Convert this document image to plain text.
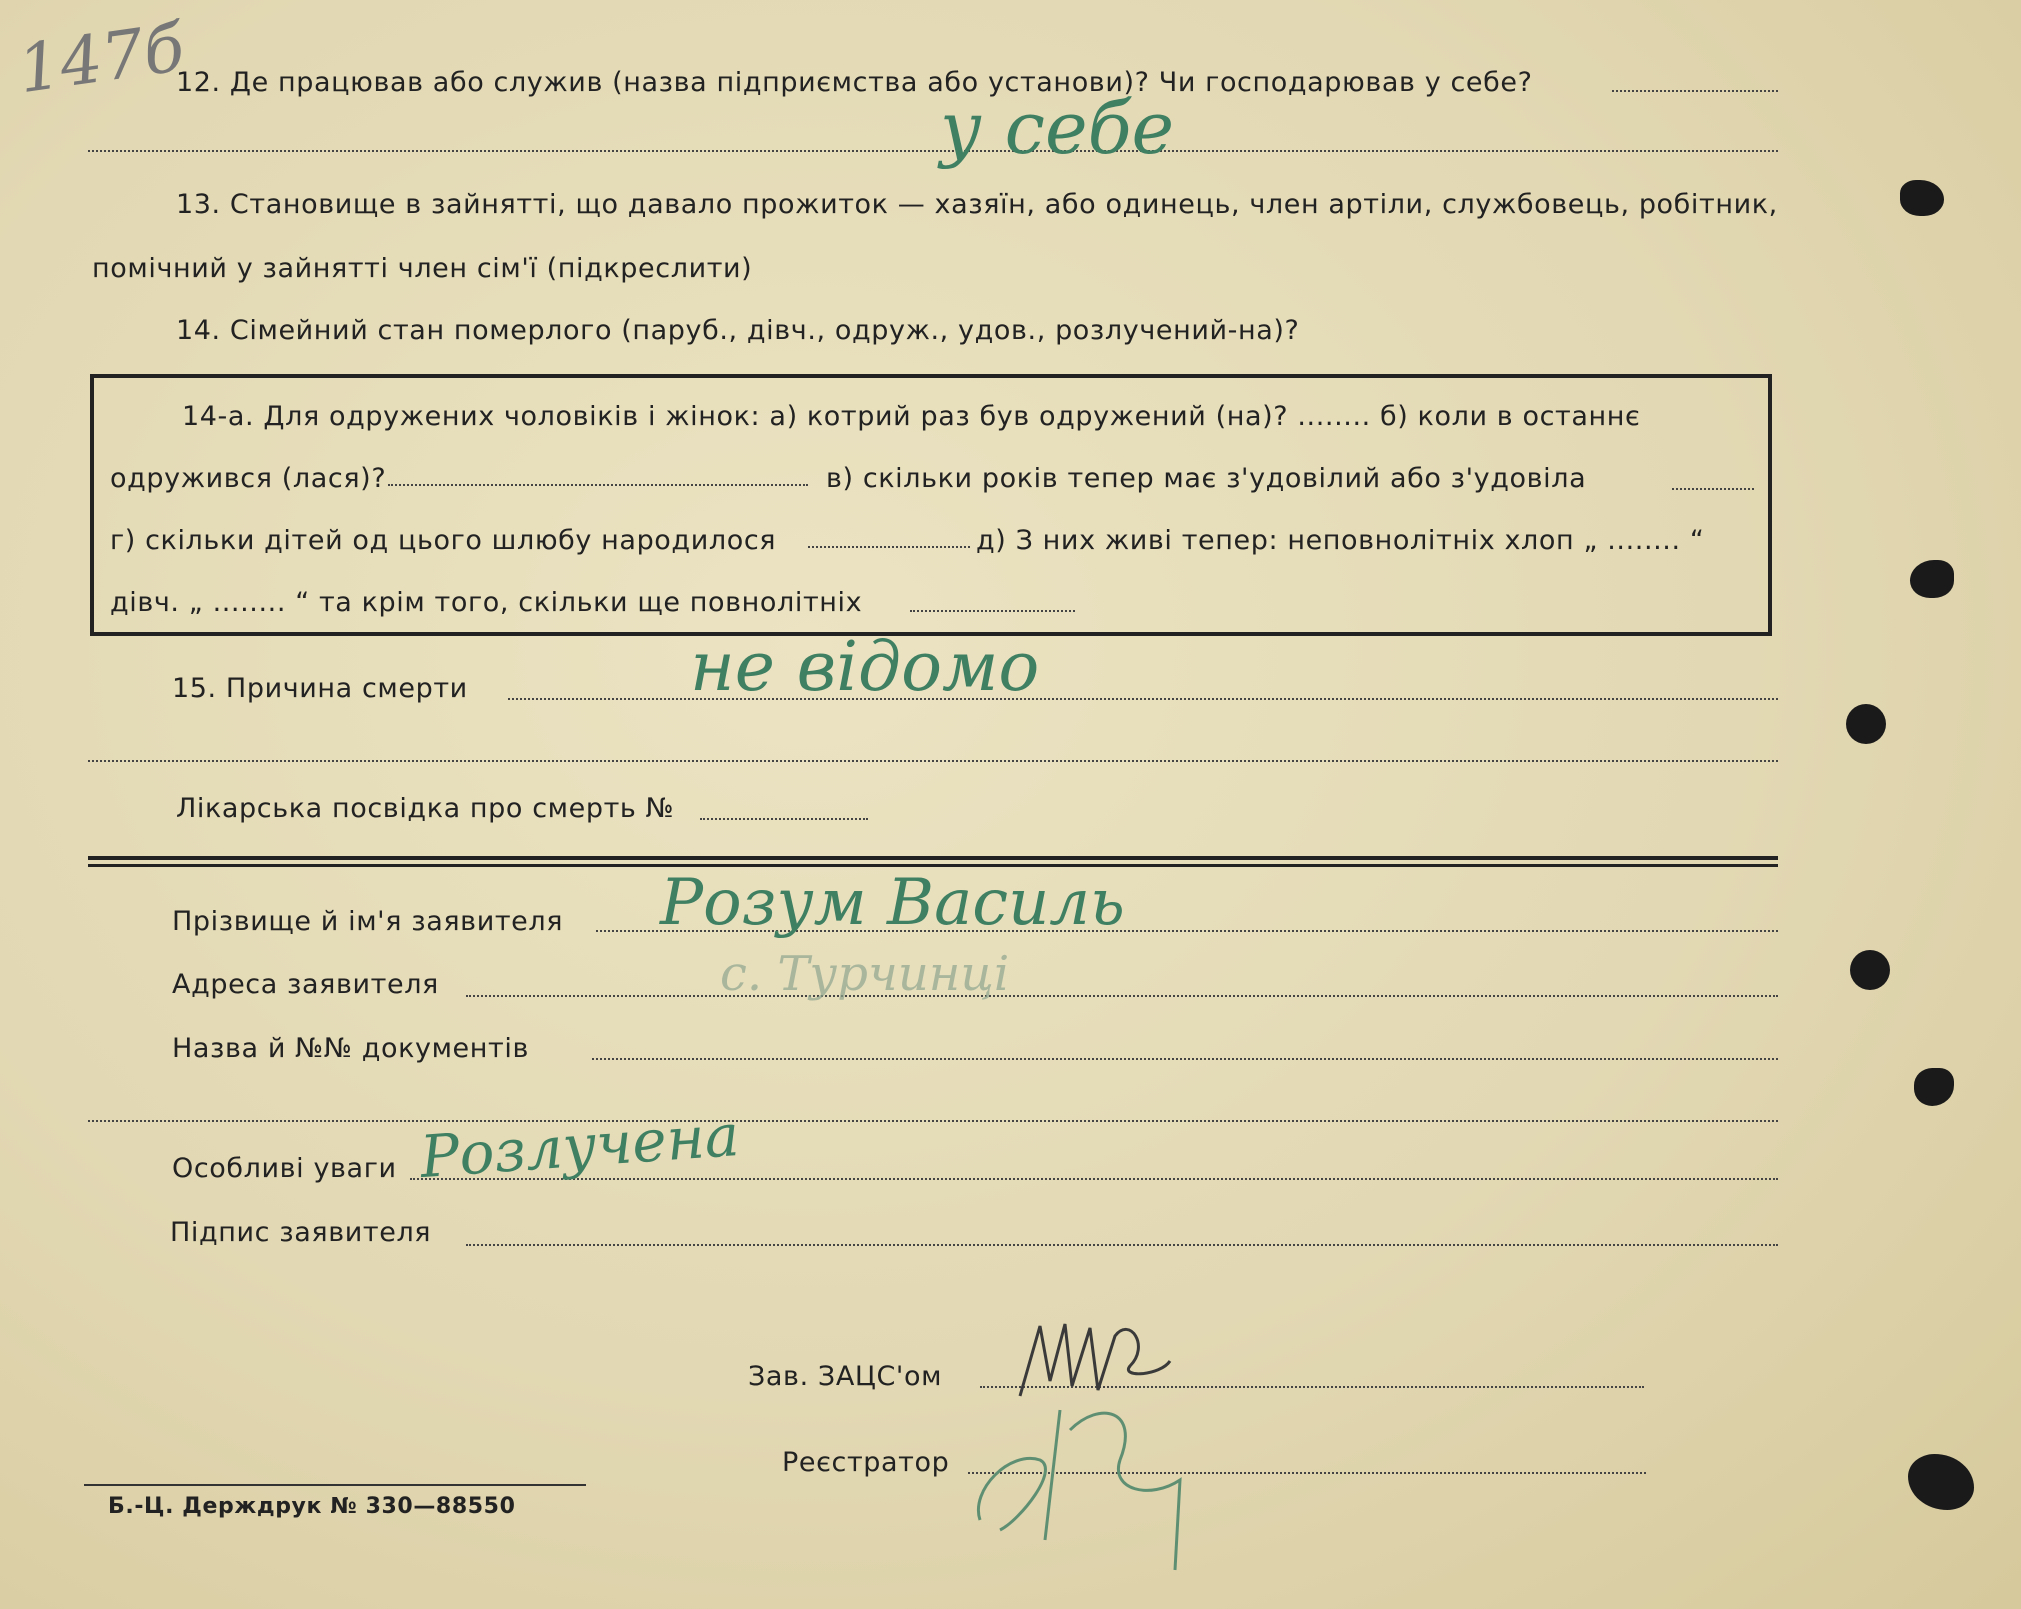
147б
12. Де працював або служив (назва підприємства або установи)? Чи господарював у себе?
у себе
13. Становище в зайнятті, що давало прожиток — хазяїн, або одинець, член артіли, службовець, робітник,
помічний у зайнятті член сім'ї (підкреслити)
14. Сімейний стан померлого (паруб., дівч., одруж., удов., розлучений-на)?
14-а. Для одружених чоловіків і жінок: а) котрий раз був одружений (на)? ........ б) коли в останнє
одружився (лася)?	в) скільки років тепер має з'удовілий або з'удовіла
г) скільки дітей од цього шлюбу народилося	д) З них живі тепер: неповнолітніх хлоп „ ........ “
дівч. „ ........ “ та крім того, скільки ще повнолітніх
15. Причина смерти	не відомо
Лікарська посвідка про смерть №
Прізвище й ім'я заявителя Розум Василь
Адреса заявителя	с. Турчинці
Назва й №№ документів
Особливі уваги Розлучена
Підпис заявителя
Зав. ЗАЦС'ом
Реєстратор
Б.-Ц. Держдрук № 330—88550
